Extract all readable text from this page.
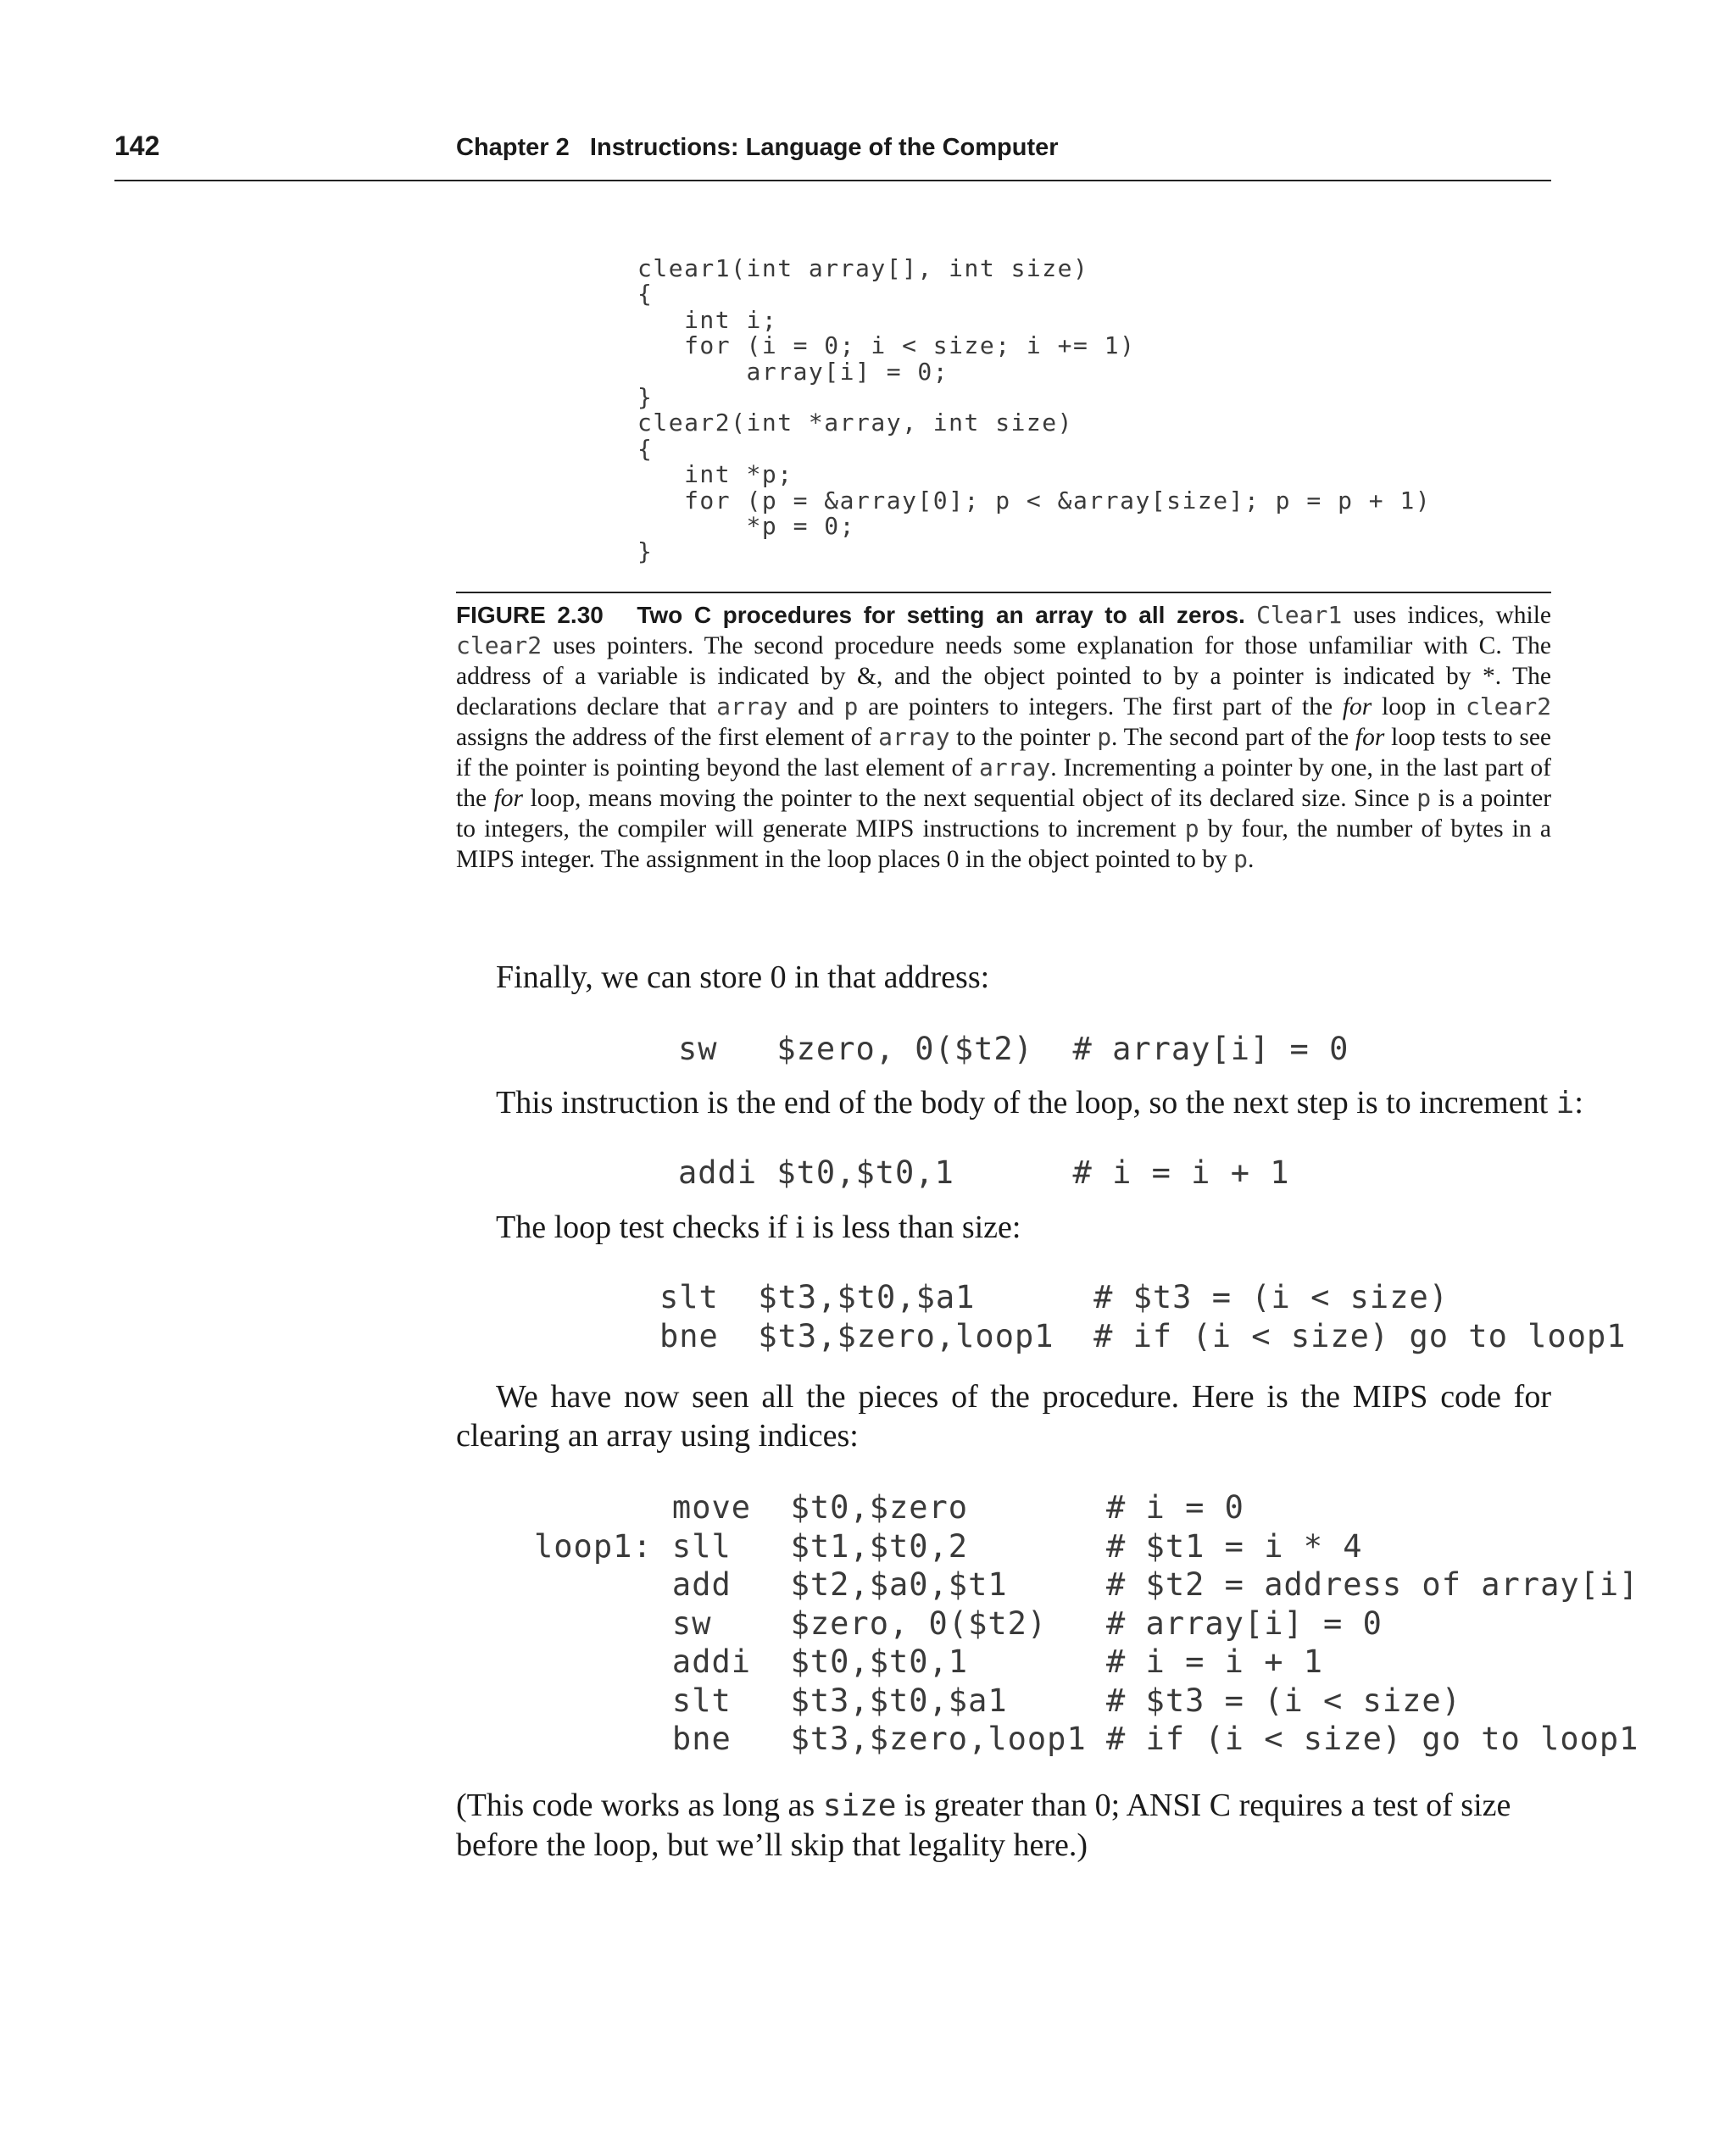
142	Chapter 2   Instructions: Language of the Computer
clear1(int array[], int size)
{
int i;
for (i = 0; i < size; i += 1)
array[i] = 0;
}
clear2(int *array, int size)
{
int *p;
for (p = &array[0]; p < &array[size]; p = p + 1)
*p = 0;
}
FIGURE 2.30 Two C procedures for setting an array to all zeros. Clear1 uses indices, while clear2 uses pointers. The second procedure needs some explanation for those unfamiliar with C. The address of a variable is indicated by &, and the object pointed to by a pointer is indicated by *. The declarations declare that array and p are pointers to integers. The first part of the for loop in clear2 assigns the address of the first element of array to the pointer p. The second part of the for loop tests to see if the pointer is pointing beyond the last element of array. Incrementing a pointer by one, in the last part of the for loop, means moving the pointer to the next sequential object of its declared size. Since p is a pointer to integers, the compiler will generate MIPS instructions to increment p by four, the number of bytes in a MIPS integer. The assignment in the loop places 0 in the object pointed to by p.
Finally, we can store 0 in that address:
sw   $zero, 0($t2)  # array[i] = 0
This instruction is the end of the body of the loop, so the next step is to increment i:
addi $t0,$t0,1      # i = i + 1
The loop test checks if i is less than size:
slt  $t3,$t0,$a1      # $t3 = (i < size)
bne  $t3,$zero,loop1  # if (i < size) go to loop1
We have now seen all the pieces of the procedure. Here is the MIPS code for clearing an array using indices:
move  $t0,$zero       # i = 0
loop1: sll   $t1,$t0,2       # $t1 = i * 4
add   $t2,$a0,$t1     # $t2 = address of array[i]
sw    $zero, 0($t2)   # array[i] = 0
addi  $t0,$t0,1       # i = i + 1
slt   $t3,$t0,$a1     # $t3 = (i < size)
bne   $t3,$zero,loop1 # if (i < size) go to loop1
(This code works as long as size is greater than 0; ANSI C requires a test of size before the loop, but we’ll skip that legality here.)
